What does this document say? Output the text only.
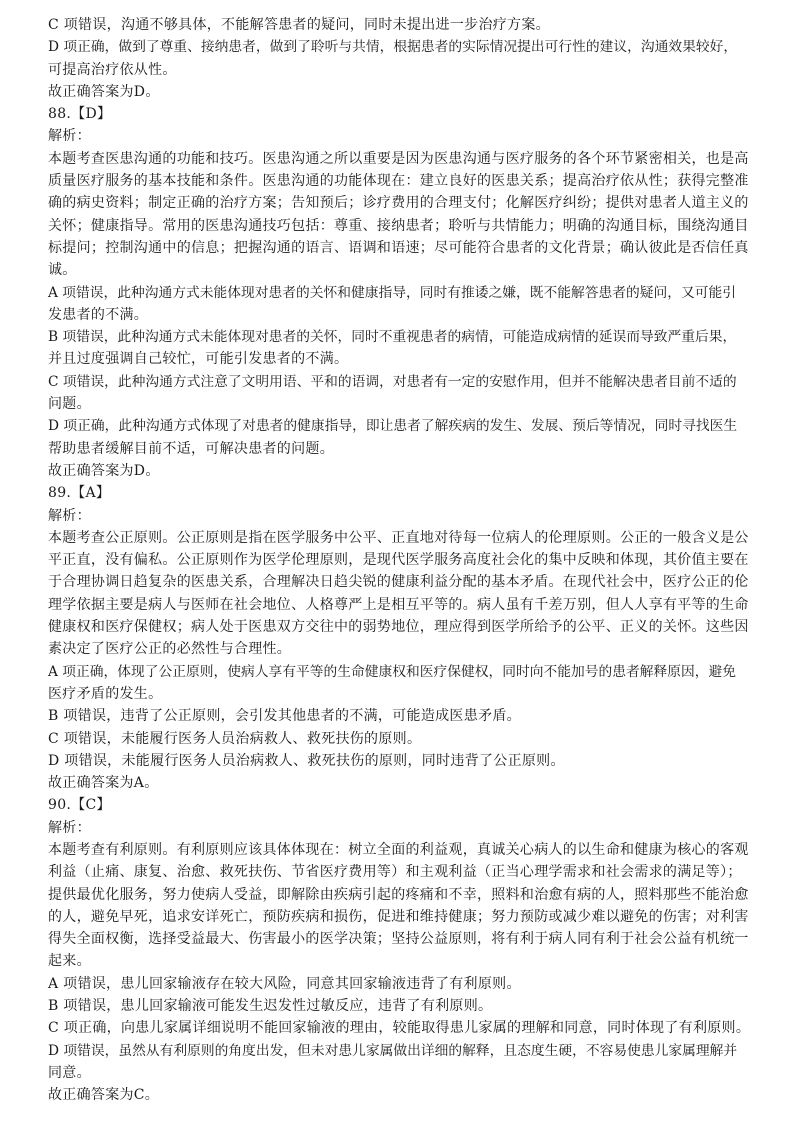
C 项错误，沟通不够具体，不能解答患者的疑问，同时未提出进一步治疗方案。
D 项正确，做到了尊重、接纳患者，做到了聆听与共情，根据患者的实际情况提出可行性的建议，沟通效果较好，
可提高治疗依从性。
故正确答案为D。
88.【D】
解析：
本题考查医患沟通的功能和技巧。医患沟通之所以重要是因为医患沟通与医疗服务的各个环节紧密相关，也是高
质量医疗服务的基本技能和条件。医患沟通的功能体现在：建立良好的医患关系；提高治疗依从性；获得完整准
确的病史资料；制定正确的治疗方案；告知预后；诊疗费用的合理支付；化解医疗纠纷；提供对患者人道主义的
关怀；健康指导。常用的医患沟通技巧包括：尊重、接纳患者；聆听与共情能力；明确的沟通目标，围绕沟通目
标提问；控制沟通中的信息；把握沟通的语言、语调和语速；尽可能符合患者的文化背景；确认彼此是否信任真
诚。
A 项错误，此种沟通方式未能体现对患者的关怀和健康指导，同时有推诿之嫌，既不能解答患者的疑问，又可能引
发患者的不满。
B 项错误，此种沟通方式未能体现对患者的关怀，同时不重视患者的病情，可能造成病情的延误而导致严重后果，
并且过度强调自己较忙，可能引发患者的不满。
C 项错误，此种沟通方式注意了文明用语、平和的语调，对患者有一定的安慰作用，但并不能解决患者目前不适的
问题。
D 项正确，此种沟通方式体现了对患者的健康指导，即让患者了解疾病的发生、发展、预后等情况，同时寻找医生
帮助患者缓解目前不适，可解决患者的问题。
故正确答案为D。
89.【A】
解析：
本题考查公正原则。公正原则是指在医学服务中公平、正直地对待每一位病人的伦理原则。公正的一般含义是公
平正直，没有偏私。公正原则作为医学伦理原则，是现代医学服务高度社会化的集中反映和体现，其价值主要在
于合理协调日趋复杂的医患关系，合理解决日趋尖锐的健康利益分配的基本矛盾。在现代社会中，医疗公正的伦
理学依据主要是病人与医师在社会地位、人格尊严上是相互平等的。病人虽有千差万别，但人人享有平等的生命
健康权和医疗保健权；病人处于医患双方交往中的弱势地位，理应得到医学所给予的公平、正义的关怀。这些因
素决定了医疗公正的必然性与合理性。
A 项正确，体现了公正原则，使病人享有平等的生命健康权和医疗保健权，同时向不能加号的患者解释原因，避免
医疗矛盾的发生。
B 项错误，违背了公正原则，会引发其他患者的不满，可能造成医患矛盾。
C 项错误，未能履行医务人员治病救人、救死扶伤的原则。
D 项错误，未能履行医务人员治病救人、救死扶伤的原则，同时违背了公正原则。
故正确答案为A。
90.【C】
解析：
本题考查有利原则。有利原则应该具体体现在：树立全面的利益观，真诚关心病人的以生命和健康为核心的客观
利益（止痛、康复、治愈、救死扶伤、节省医疗费用等）和主观利益（正当心理学需求和社会需求的满足等）；
提供最优化服务，努力使病人受益，即解除由疾病引起的疼痛和不幸，照料和治愈有病的人，照料那些不能治愈
的人，避免早死，追求安详死亡，预防疾病和损伤，促进和维持健康；努力预防或减少难以避免的伤害；对利害
得失全面权衡，选择受益最大、伤害最小的医学决策；坚持公益原则，将有利于病人同有利于社会公益有机统一
起来。
A 项错误，患儿回家输液存在较大风险，同意其回家输液违背了有利原则。
B 项错误，患儿回家输液可能发生迟发性过敏反应，违背了有利原则。
C 项正确，向患儿家属详细说明不能回家输液的理由，较能取得患儿家属的理解和同意，同时体现了有利原则。
D 项错误，虽然从有利原则的角度出发，但未对患儿家属做出详细的解释，且态度生硬，不容易使患儿家属理解并
同意。
故正确答案为C。
